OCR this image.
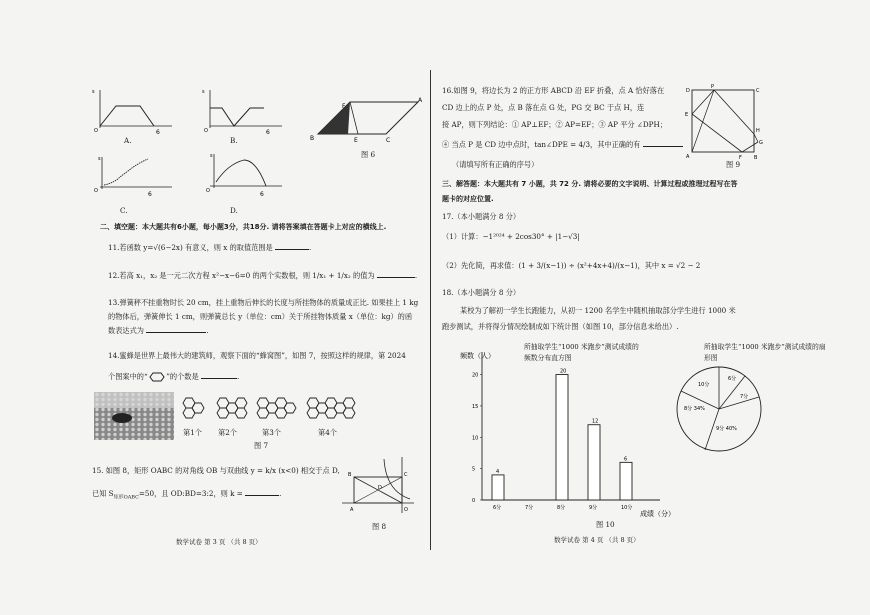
s
O	6
A.
s
O	6
B.
s
O	6
C.
s
O	6
D.
B
F
A
C
E
图 6
二、填空题：本大题共有6小题，每小题3分，共18分. 请将答案填在答题卡上对应的横线上.
11.若函数 y=√(6−2x) 有意义，则 x 的取值范围是	.
12.若高 x₁，x₂ 是一元二次方程 x²−x−6=0 的两个实数根，则 1/x₁ + 1/x₂ 的值为	.
13.弹簧秤不挂重物时长 20 cm，挂上重物后伸长的长度与所挂物体的质量成正比. 如果挂上 1 kg
的物体后，弹簧伸长 1 cm，则弹簧总长 y（单位：cm）关于所挂物体质量 x（单位：kg）的函
数表达式为	.
14.蜜蜂是世界上最伟大的建筑师，观察下面的“蜂窝图”，如图 7，按照这样的规律，第 2024
个图案中的“	”的个数是	.
第1个 第2个	第3个	第4个
图 7
15. 如图 8，矩形 OABC 的对角线 OB 与双曲线 y = k/x (x<0) 相交于点 D,
已知 $S_{矩形OABC}=50$，且 OD:BD=3:2，则 k =	.
B
D
A
C
O
图 8
数学试卷 第 3 页 （共 8 页）
16.如图 9，将边长为 2 的正方形 ABCD 沿 EF 折叠，点 A 恰好落在
CD 边上的点 P 处，点 B 落在点 G 处，PG 交 BC 于点 H，连
接 AP，则下列结论：① AP⊥EF；② AP=EF；③ AP 平分 ∠DPH；
④ 当点 P 是 CD 边中点时，tan∠DPE = 4/3，其中正确的有
（请填写所有正确的序号）
D
P
C
E
H
G
A	F B
图 9
三、解答题：本大题共有 7 小题，共 72 分. 请将必要的文字说明、计算过程或推理过程写在答
题卡的对应位置.
17.（本小题满分 8 分）
（1）计算：−1²⁰²⁴ + 2cos30° + |1−√3|
（2）先化简，再求值：(1 + 3/(x−1)) ÷ (x²+4x+4)/(x−1)，其中 x = √2 − 2
18.（本小题满分 8 分）
某校为了解初一学生长跑能力，从初一 1200 名学生中随机抽取部分学生进行 1000 米
跑步测试，并将得分情况绘制成如下统计图（如图 10，部分信息未给出）.
0
5
10
15
20
6分	7分	8分	9分	10分
4
20
12
6
频数（人）
成绩（分）
所抽取学生“1000 米跑步”测试成绩的频数分布直方图
所抽取学生“1000 米跑步”测试成绩的扇形图
10分
6分
7分
8分 34%
9分 40%
图 10
数学试卷 第 4 页 （共 8 页）
